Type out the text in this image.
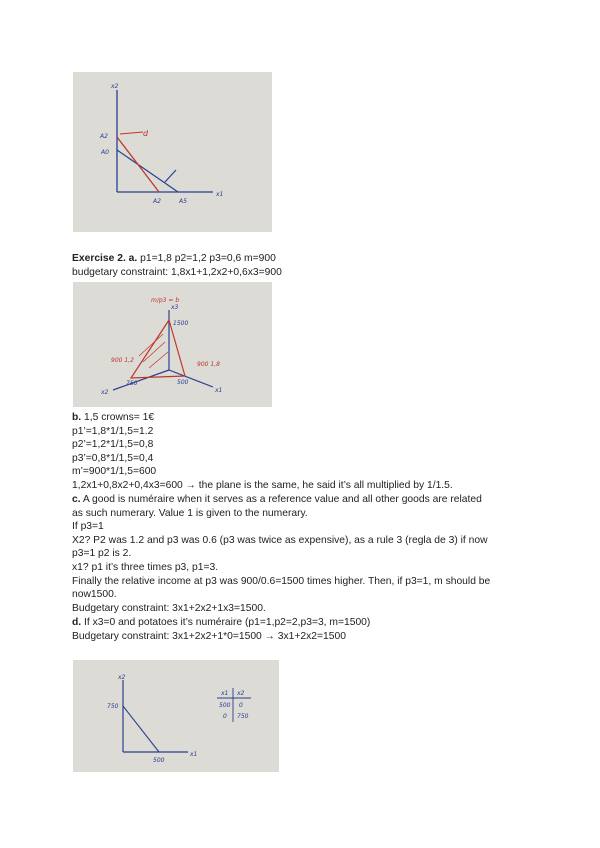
x2
x1
A2
A0
A2	A5
d
Exercise 2. a. p1=1,8 p2=1,2 p3=0,6 m=900
budgetary constraint: 1,8x1+1,2x2+0,6x3=900
m/p3 = b
x3
1500
900 1,2
900 1,8
750	500
x2	x1
b. 1,5 crowns= 1€
p1’=1,8*1/1,5=1.2
p2’=1,2*1/1,5=0,8
p3’=0,8*1/1,5=0,4
m’=900*1/1,5=600
1,2x1+0,8x2+0,4x3=600 → the plane is the same, he said it’s all multiplied by 1/1.5.
c. A good is numéraire when it serves as a reference value and all other goods are related
as such numerary. Value 1 is given to the numerary.
If p3=1
X2? P2 was 1.2 and p3 was 0.6 (p3 was twice as expensive), as a rule 3 (regla de 3) if now
p3=1 p2 is 2.
x1? p1 it’s three times p3, p1=3.
Finally the relative income at p3 was 900/0.6=1500 times higher. Then, if p3=1, m should be
now1500.
Budgetary constraint: 3x1+2x2+1x3=1500.
d. If x3=0 and potatoes it’s numéraire (p1=1,p2=2,p3=3, m=1500)
Budgetary constraint: 3x1+2x2+1*0=1500 → 3x1+2x2=1500
x2
x1
750
500
x1 x2
500 0
0 750
